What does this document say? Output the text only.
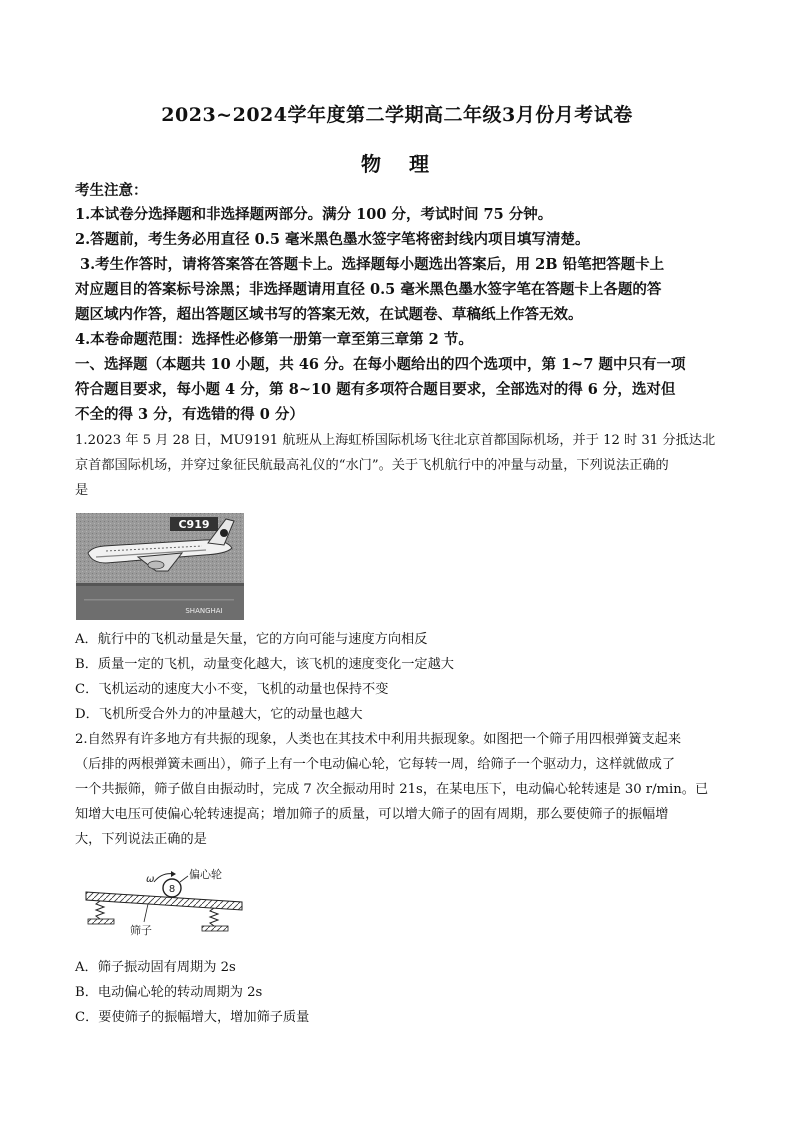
2023~2024学年度第二学期高二年级3月份月考试卷
物　理
考生注意：
1.本试卷分选择题和非选择题两部分。满分 100 分，考试时间 75 分钟。
2.答题前，考生务必用直径 0.5 毫米黑色墨水签字笔将密封线内项目填写清楚。
3.考生作答时，请将答案答在答题卡上。选择题每小题选出答案后，用 2B 铅笔把答题卡上
对应题目的答案标号涂黑；非选择题请用直径 0.5 毫米黑色墨水签字笔在答题卡上各题的答
题区域内作答，超出答题区域书写的答案无效，在试题卷、草稿纸上作答无效。
4.本卷命题范围：选择性必修第一册第一章至第三章第 2 节。
一、选择题（本题共 10 小题，共 46 分。在每小题给出的四个选项中，第 1~7 题中只有一项
符合题目要求，每小题 4 分，第 8~10 题有多项符合题目要求，全部选对的得 6 分，选对但
不全的得 3 分，有选错的得 0 分）
1.2023 年 5 月 28 日，MU9191 航班从上海虹桥国际机场飞往北京首都国际机场，并于 12 时 31 分抵达北
京首都国际机场，并穿过象征民航最高礼仪的“水门”。关于飞机航行中的冲量与动量，下列说法正确的
是
C919
SHANGHAI
A．航行中的飞机动量是矢量，它的方向可能与速度方向相反
B．质量一定的飞机，动量变化越大，该飞机的速度变化一定越大
C．飞机运动的速度大小不变，飞机的动量也保持不变
D．飞机所受合外力的冲量越大，它的动量也越大
2.自然界有许多地方有共振的现象，人类也在其技术中利用共振现象。如图把一个筛子用四根弹簧支起来
（后排的两根弹簧未画出），筛子上有一个电动偏心轮，它每转一周，给筛子一个驱动力，这样就做成了
一个共振筛，筛子做自由振动时，完成 7 次全振动用时 21s，在某电压下，电动偏心轮转速是 30 r/min。已
知增大电压可使偏心轮转速提高；增加筛子的质量，可以增大筛子的固有周期，那么要使筛子的振幅增
大，下列说法正确的是
8
ω	偏心轮
筛子
A．筛子振动固有周期为 2s
B．电动偏心轮的转动周期为 2s
C．要使筛子的振幅增大，增加筛子质量
